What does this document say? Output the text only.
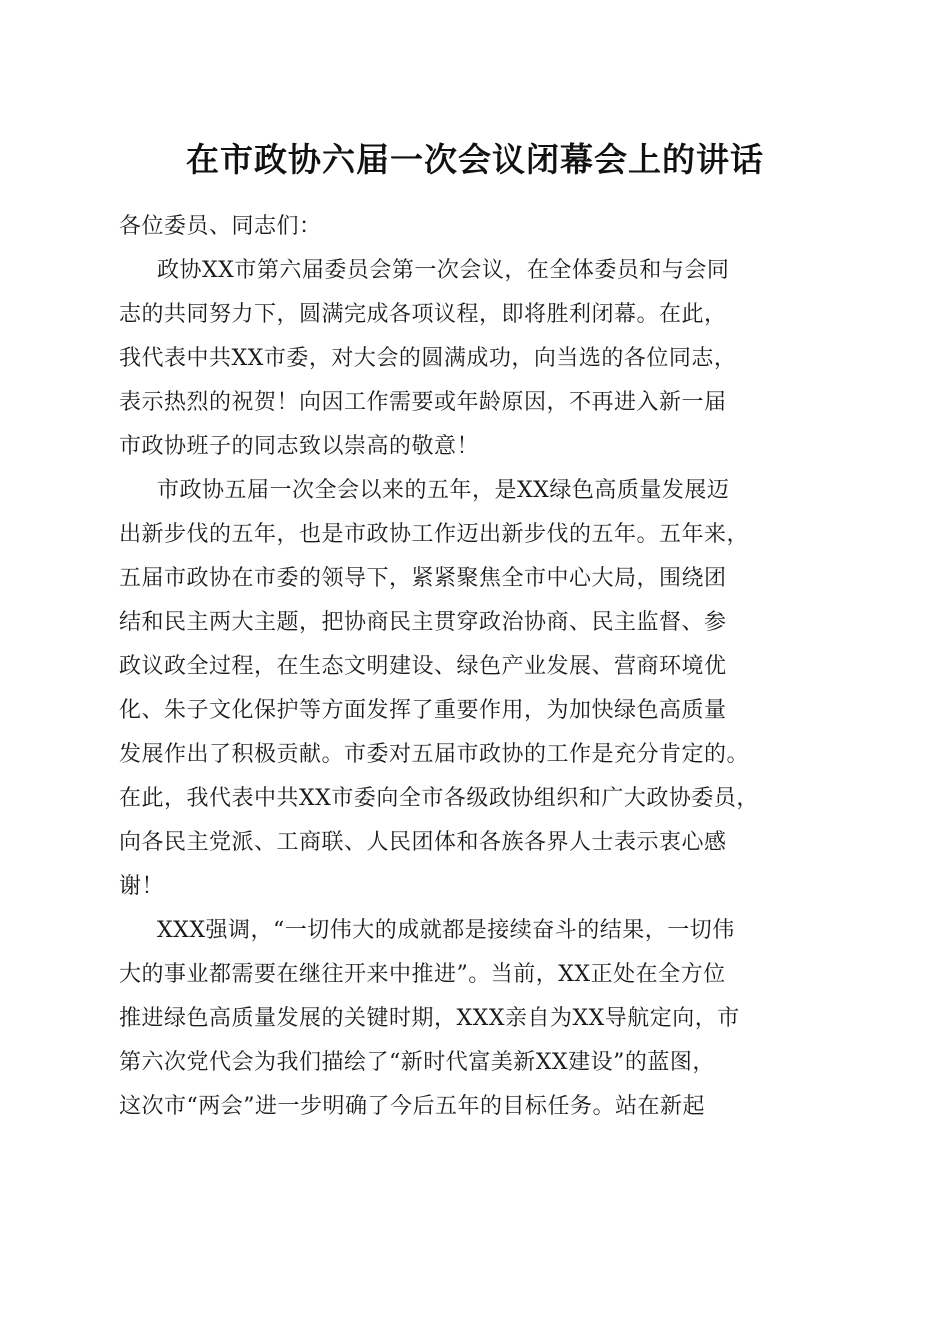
在市政协六届一次会议闭幕会上的讲话
各位委员、同志们：
政协XX市第六届委员会第一次会议，在全体委员和与会同
志的共同努力下，圆满完成各项议程，即将胜利闭幕。在此，
我代表中共XX市委，对大会的圆满成功，向当选的各位同志，
表示热烈的祝贺！向因工作需要或年龄原因，不再进入新一届
市政协班子的同志致以崇高的敬意！
市政协五届一次全会以来的五年，是XX绿色高质量发展迈
出新步伐的五年，也是市政协工作迈出新步伐的五年。五年来，
五届市政协在市委的领导下，紧紧聚焦全市中心大局，围绕团
结和民主两大主题，把协商民主贯穿政治协商、民主监督、参
政议政全过程，在生态文明建设、绿色产业发展、营商环境优
化、朱子文化保护等方面发挥了重要作用，为加快绿色高质量
发展作出了积极贡献。市委对五届市政协的工作是充分肯定的。
在此，我代表中共XX市委向全市各级政协组织和广大政协委员，
向各民主党派、工商联、人民团体和各族各界人士表示衷心感
谢！
XXX强调，“一切伟大的成就都是接续奋斗的结果，一切伟
大的事业都需要在继往开来中推进”。当前，XX正处在全方位
推进绿色高质量发展的关键时期，XXX亲自为XX导航定向，市
第六次党代会为我们描绘了“新时代富美新XX建设”的蓝图，
这次市“两会”进一步明确了今后五年的目标任务。站在新起
